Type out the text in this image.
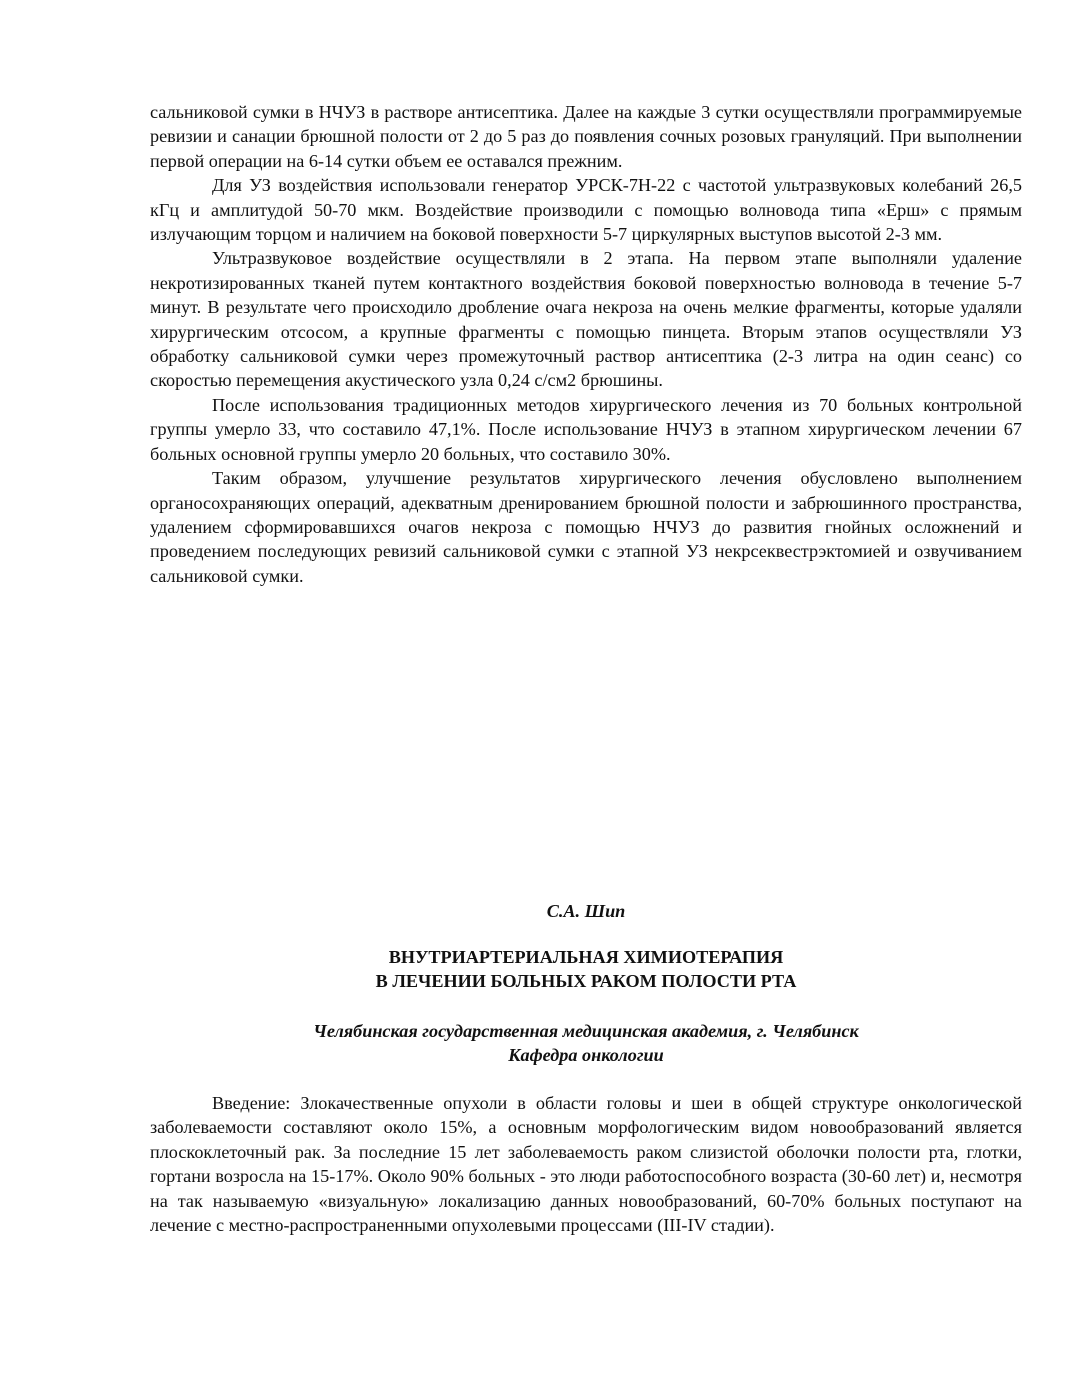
сальниковой сумки в НЧУЗ в растворе антисептика. Далее на каждые 3 сутки осуществляли программируемые ревизии и санации брюшной полости от 2 до 5 раз до появления сочных розовых грануляций. При выполнении первой операции на 6-14 сутки объем ее оставался прежним.

Для УЗ воздействия использовали генератор УРСК-7Н-22 с частотой ультразвуковых колебаний 26,5 кГц и амплитудой 50-70 мкм. Воздействие производили с помощью волновода типа «Ерш» с прямым излучающим торцом и наличием на боковой поверхности 5-7 циркулярных выступов высотой 2-3 мм.

Ультразвуковое воздействие осуществляли в 2 этапа. На первом этапе выполняли удаление некротизированных тканей путем контактного воздействия боковой поверхностью волновода в течение 5-7 минут. В результате чего происходило дробление очага некроза на очень мелкие фрагменты, которые удаляли хирургическим отсосом, а крупные фрагменты с помощью пинцета. Вторым этапов осуществляли УЗ обработку сальниковой сумки через промежуточный раствор антисептика (2-3 литра на один сеанс) со скоростью перемещения акустического узла 0,24 с/см2 брюшины.

После использования традиционных методов хирургического лечения из 70 больных контрольной группы умерло 33, что составило 47,1%. После использование НЧУЗ в этапном хирургическом лечении 67 больных основной группы умерло 20 больных, что составило 30%.

Таким образом, улучшение результатов хирургического лечения обусловлено выполнением органосохраняющих операций, адекватным дренированием брюшной полости и забрюшинного пространства, удалением сформировавшихся очагов некроза с помощью НЧУЗ до развития гнойных осложнений и проведением последующих ревизий сальниковой сумки с этапной УЗ некрсеквестрэктомией и озвучиванием сальниковой сумки.

С.А. Шип
ВНУТРИАРТЕРИАЛЬНАЯ ХИМИОТЕРАПИЯ
В ЛЕЧЕНИИ БОЛЬНЫХ РАКОМ ПОЛОСТИ РТА
Челябинская государственная медицинская академия, г. Челябинск
Кафедра онкологии

Введение: Злокачественные опухоли в области головы и шеи в общей структуре онкологической заболеваемости составляют около 15%, а основным морфологическим видом новообразований является плоскоклеточный рак. За последние 15 лет заболеваемость раком слизистой оболочки полости рта, глотки, гортани возросла на 15-17%. Около 90% больных - это люди работоспособного возраста (30-60 лет) и, несмотря на так называемую «визуальную» локализацию данных новообразований, 60-70% больных поступают на лечение с местно-распространенными опухолевыми процессами (III-IV стадии).
